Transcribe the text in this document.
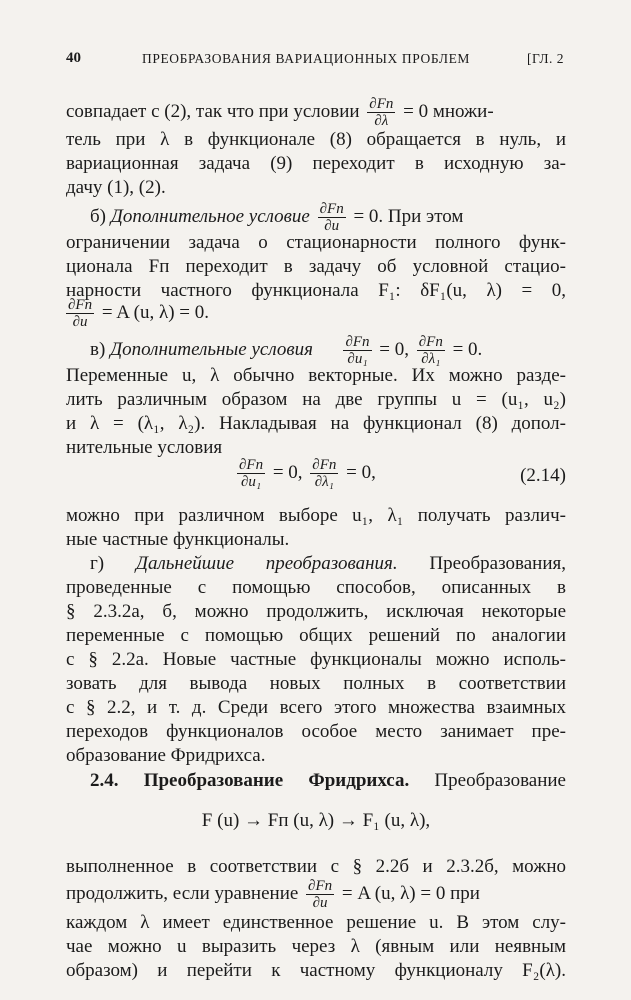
40	ПРЕОБРАЗОВАНИЯ ВАРИАЦИОННЫХ ПРОБЛЕМ	[ГЛ. 2
совпадает с (2), так что при условии $\frac{\partial Fп}{\partial\lambda} = 0$ множи-
тель при λ в функционале (8) обращается в нуль, и
вариационная задача (9) переходит в исходную за-
дачу (1), (2).
б) Дополнительное условие $\frac{\partial Fп}{\partial u} = 0$. При этом
ограничении задача о стационарности полного функ-
ционала Fп переходит в задачу об условной стацио-
нарности частного функционала F₁: δF₁(u, λ) = 0,
$\frac{\partial Fп}{\partial u} = A$ (u, λ) = 0.
в) Дополнительные условия $\frac{\partial Fп}{\text{∂u₁}} = 0$, $\frac{\partial Fп}{\text{∂λ₁}} = 0$.
Переменные u, λ обычно векторные. Их можно разде-
лить различным образом на две группы u = (u₁, u₂)
и λ = (λ₁, λ₂). Накладывая на функционал (8) допол-
нительные условия
$\frac{\partial Fп}{\text{∂u₁}} = 0$, $\frac{\partial Fп}{\text{∂λ₁}} = 0$,	(2.14)
можно при различном выборе u₁, λ₁ получать различ-
ные частные функционалы.
г) Дальнейшие преобразования. Преобразования,
проведенные с помощью способов, описанных в
§ 2.3.2а, б, можно продолжить, исключая некоторые
переменные с помощью общих решений по аналогии
с § 2.2а. Новые частные функционалы можно исполь-
зовать для вывода новых полных в соответствии
с § 2.2, и т. д. Среди всего этого множества взаимных
переходов функционалов особое место занимает пре-
образование Фридрихса.
2.4. Преобразование Фридрихса. Преобразование
F (u) → Fп (u, λ) → F₁ (u, λ),
выполненное в соответствии с § 2.2б и 2.3.2б, можно
продолжить, если уравнение $\frac{\partial Fп}{\partial u} = A$ (u, λ) = 0 при
каждом λ имеет единственное решение u. В этом слу-
чае можно u выразить через λ (явным или неявным
образом) и перейти к частному функционалу F₂(λ).
